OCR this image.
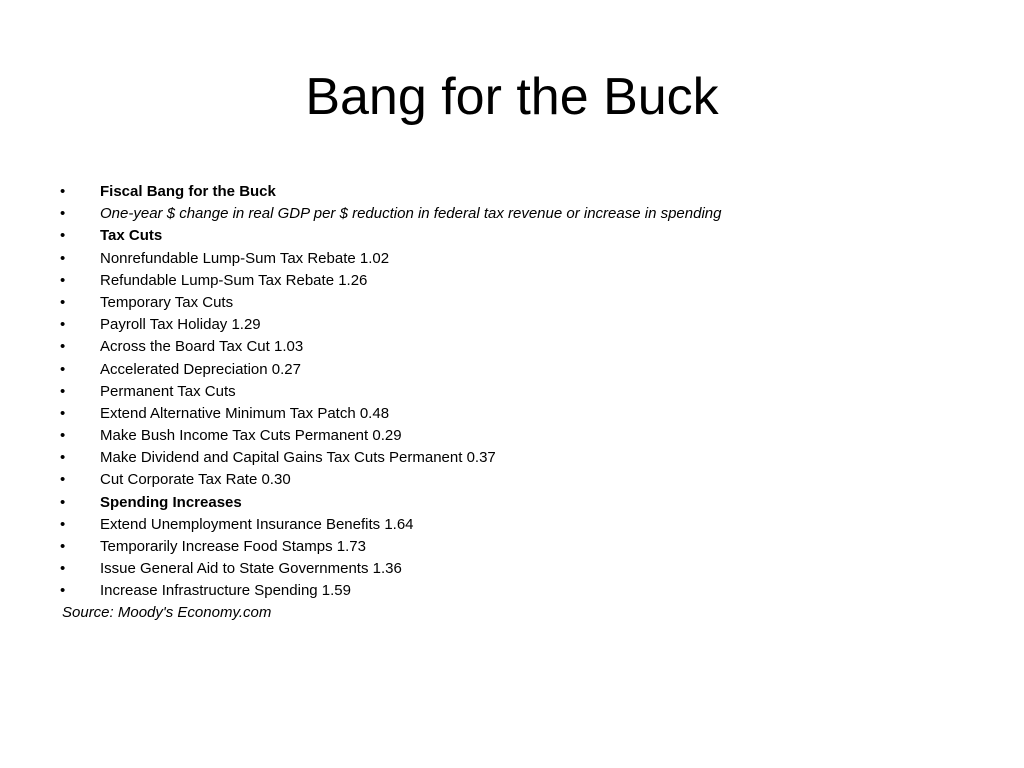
Bang for the Buck
•	Fiscal Bang for the Buck
•	One-year $ change in real GDP per $ reduction in federal tax revenue or increase in spending
•	Tax Cuts
•	Nonrefundable Lump-Sum Tax Rebate 1.02
•	Refundable Lump-Sum Tax Rebate 1.26
•	Temporary Tax Cuts
•	Payroll Tax Holiday 1.29
•	Across the Board Tax Cut 1.03
•	Accelerated Depreciation 0.27
•	Permanent Tax Cuts
•	Extend Alternative Minimum Tax Patch 0.48
•	Make Bush Income Tax Cuts Permanent 0.29
•	Make Dividend and Capital Gains Tax Cuts Permanent 0.37
•	Cut Corporate Tax Rate 0.30
•	Spending Increases
•	Extend Unemployment Insurance Benefits 1.64
•	Temporarily Increase Food Stamps 1.73
•	Issue General Aid to State Governments 1.36
•	Increase Infrastructure Spending 1.59
Source: Moody's Economy.com
